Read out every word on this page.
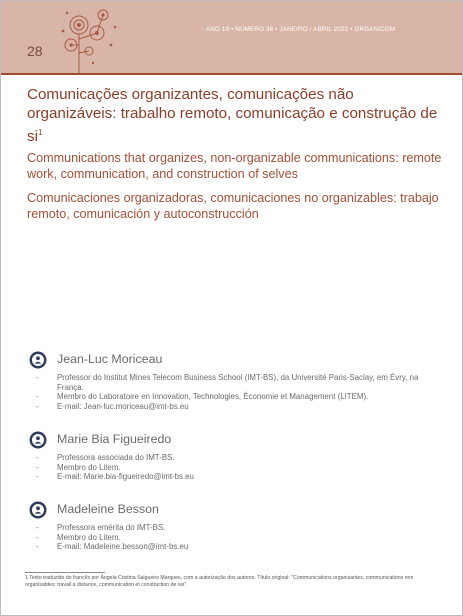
28
ANO 19 • NÚMERO 38 • JANEIRO / ABRIL 2022 • ORGANICOM
Comunicações organizantes, comunicações não organizáveis: trabalho remoto, comunicação e construção de $si^1$
Communications that organizes, non-organizable communications: remote work, communication, and construction of selves
Comunicaciones organizadoras, comunicaciones no organizables: trabajo remoto, comunicación y autoconstrucción
Jean-Luc Moriceau
- Professor do Institut Mines Telecom Business School (IMT-BS), da Université Paris-Saclay, em Évry, na França.
- Membro do Laboratoire en Innovation, Technologies, Économie et Management (LITEM).
- E-mail: Jean-luc.moriceau@imt-bs.eu
Marie Bia Figueiredo
- Professora associada do IMT-BS.
- Membro do Litem.
- E-mail: Marie.bia-figueiredo@imt-bs.eu
Madeleine Besson
- Professora emérita do IMT-BS.
- Membro do Litem.
- E-mail: Madeleine.besson@imt-bs.eu
1 Texto traduzido do francês por Ângela Cristina Salgueiro Marques, com a autorização dos autores. Título original: "Communications organisantes, communications non organisables: travail à distance, communication et construction de soi".
